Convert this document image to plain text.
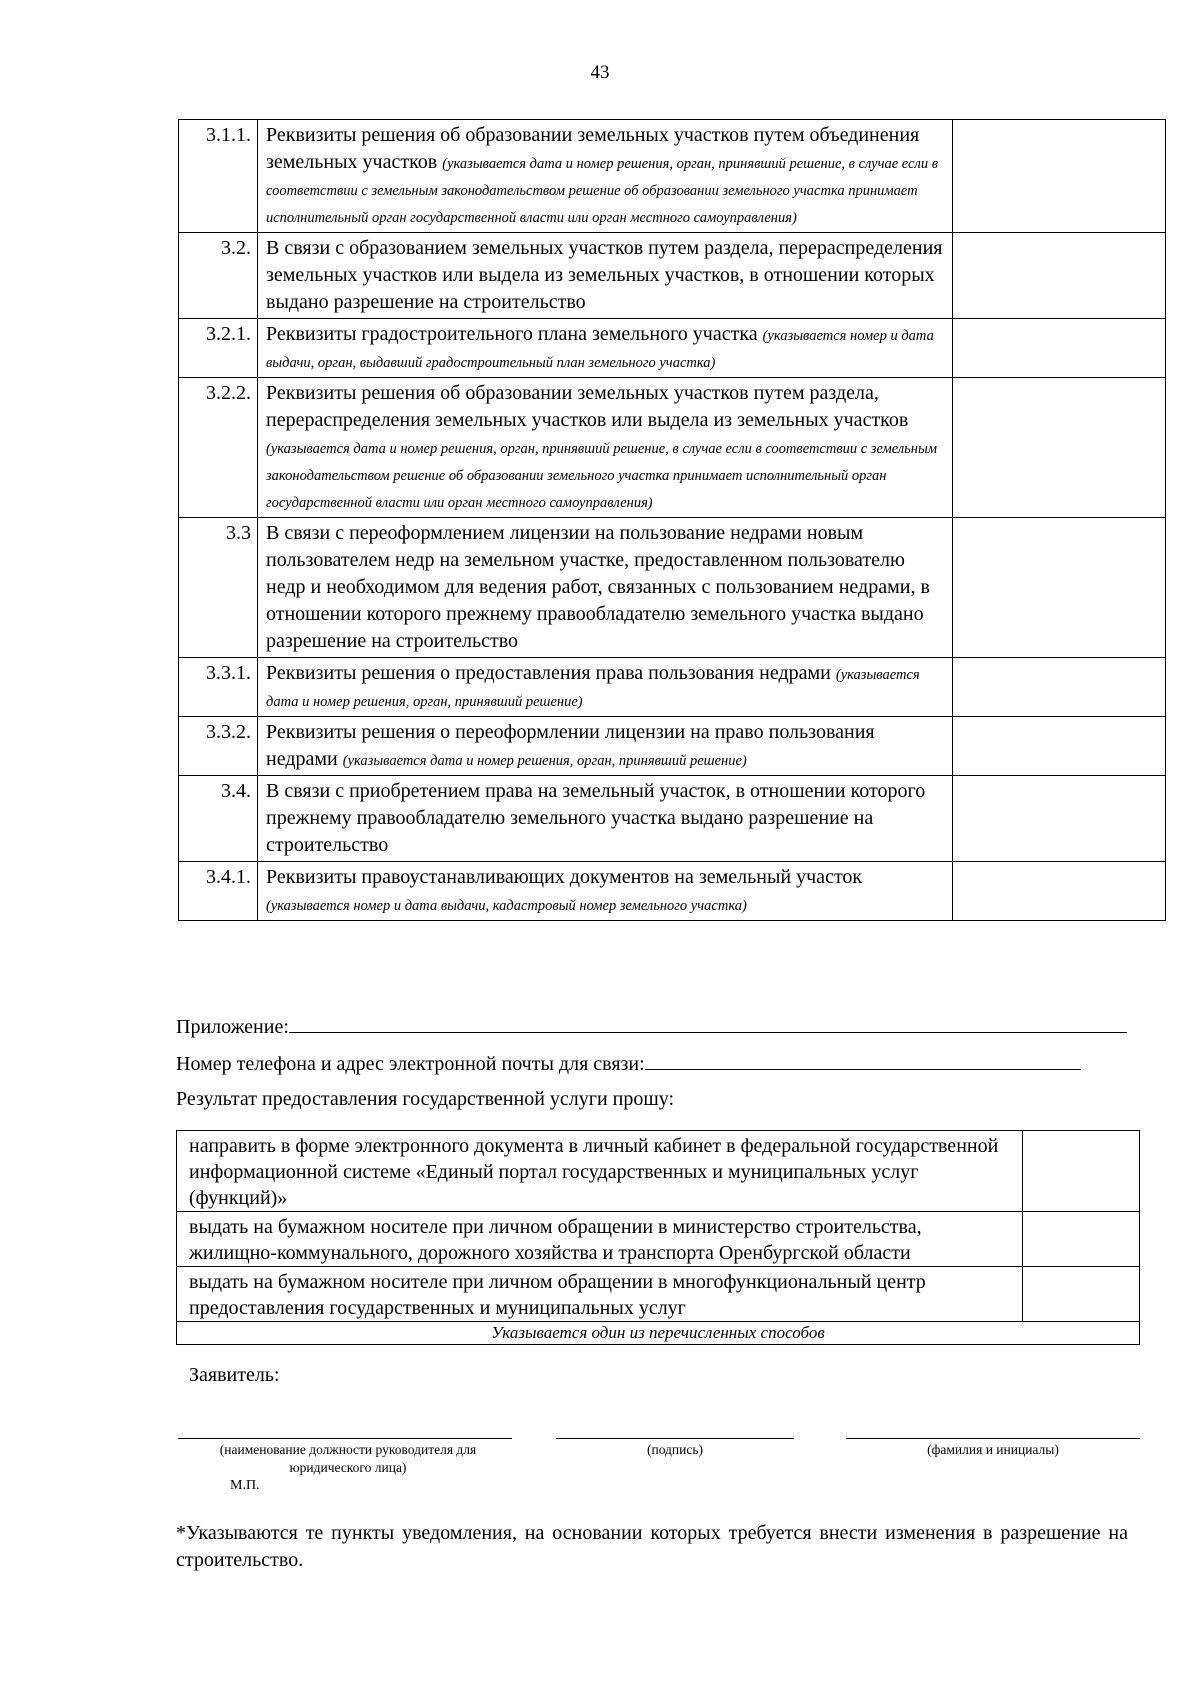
43
3.1.1.	Реквизиты решения об образовании земельных участков путем объединения земельных участков (указывается дата и номер решения, орган, принявший решение, в случае если в соответствии с земельным законодательством решение об образовании земельного участка принимает исполнительный орган государственной власти или орган местного самоуправления)	
3.2.	В связи с образованием земельных участков путем раздела, перераспределения земельных участков или выдела из земельных участков, в отношении которых выдано разрешение на строительство	
3.2.1.	Реквизиты градостроительного плана земельного участка (указывается номер и дата выдачи, орган, выдавший градостроительный план земельного участка)	
3.2.2.	Реквизиты решения об образовании земельных участков путем раздела, перераспределения земельных участков или выдела из земельных участков (указывается дата и номер решения, орган, принявший решение, в случае если в соответствии с земельным законодательством решение об образовании земельного участка принимает исполнительный орган государственной власти или орган местного самоуправления)	
3.3	В связи с переоформлением лицензии на пользование недрами новым пользователем недр на земельном участке, предоставленном пользователю недр и необходимом для ведения работ, связанных с пользованием недрами, в отношении которого прежнему правообладателю земельного участка выдано разрешение на строительство	
3.3.1.	Реквизиты решения о предоставления права пользования недрами (указывается дата и номер решения, орган, принявший решение)	
3.3.2.	Реквизиты решения о переоформлении лицензии на право пользования недрами (указывается дата и номер решения, орган, принявший решение)	
3.4.	В связи с приобретением права на земельный участок, в отношении которого прежнему правообладателю земельного участка выдано разрешение на строительство	
3.4.1.	Реквизиты правоустанавливающих документов на земельный участок (указывается номер и дата выдачи, кадастровый номер земельного участка)	
Приложение:
Номер телефона и адрес электронной почты для связи:
Результат предоставления государственной услуги прошу:
направить в форме электронного документа в личный кабинет в федеральной государственной информационной системе «Единый портал государственных и муниципальных услуг (функций)»	
выдать на бумажном носителе при личном обращении в министерство строительства, жилищно-коммунального, дорожного хозяйства и транспорта Оренбургской области	
выдать на бумажном носителе при личном обращении в многофункциональный центр предоставления государственных и муниципальных услуг	
Указывается один из перечисленных способов	
Заявитель:
(наименование должности руководителя для юридического лица)
(подпись)	(фамилия и инициалы)
М.П.
*Указываются те пункты уведомления, на основании которых требуется внести изменения в разрешение на строительство.
